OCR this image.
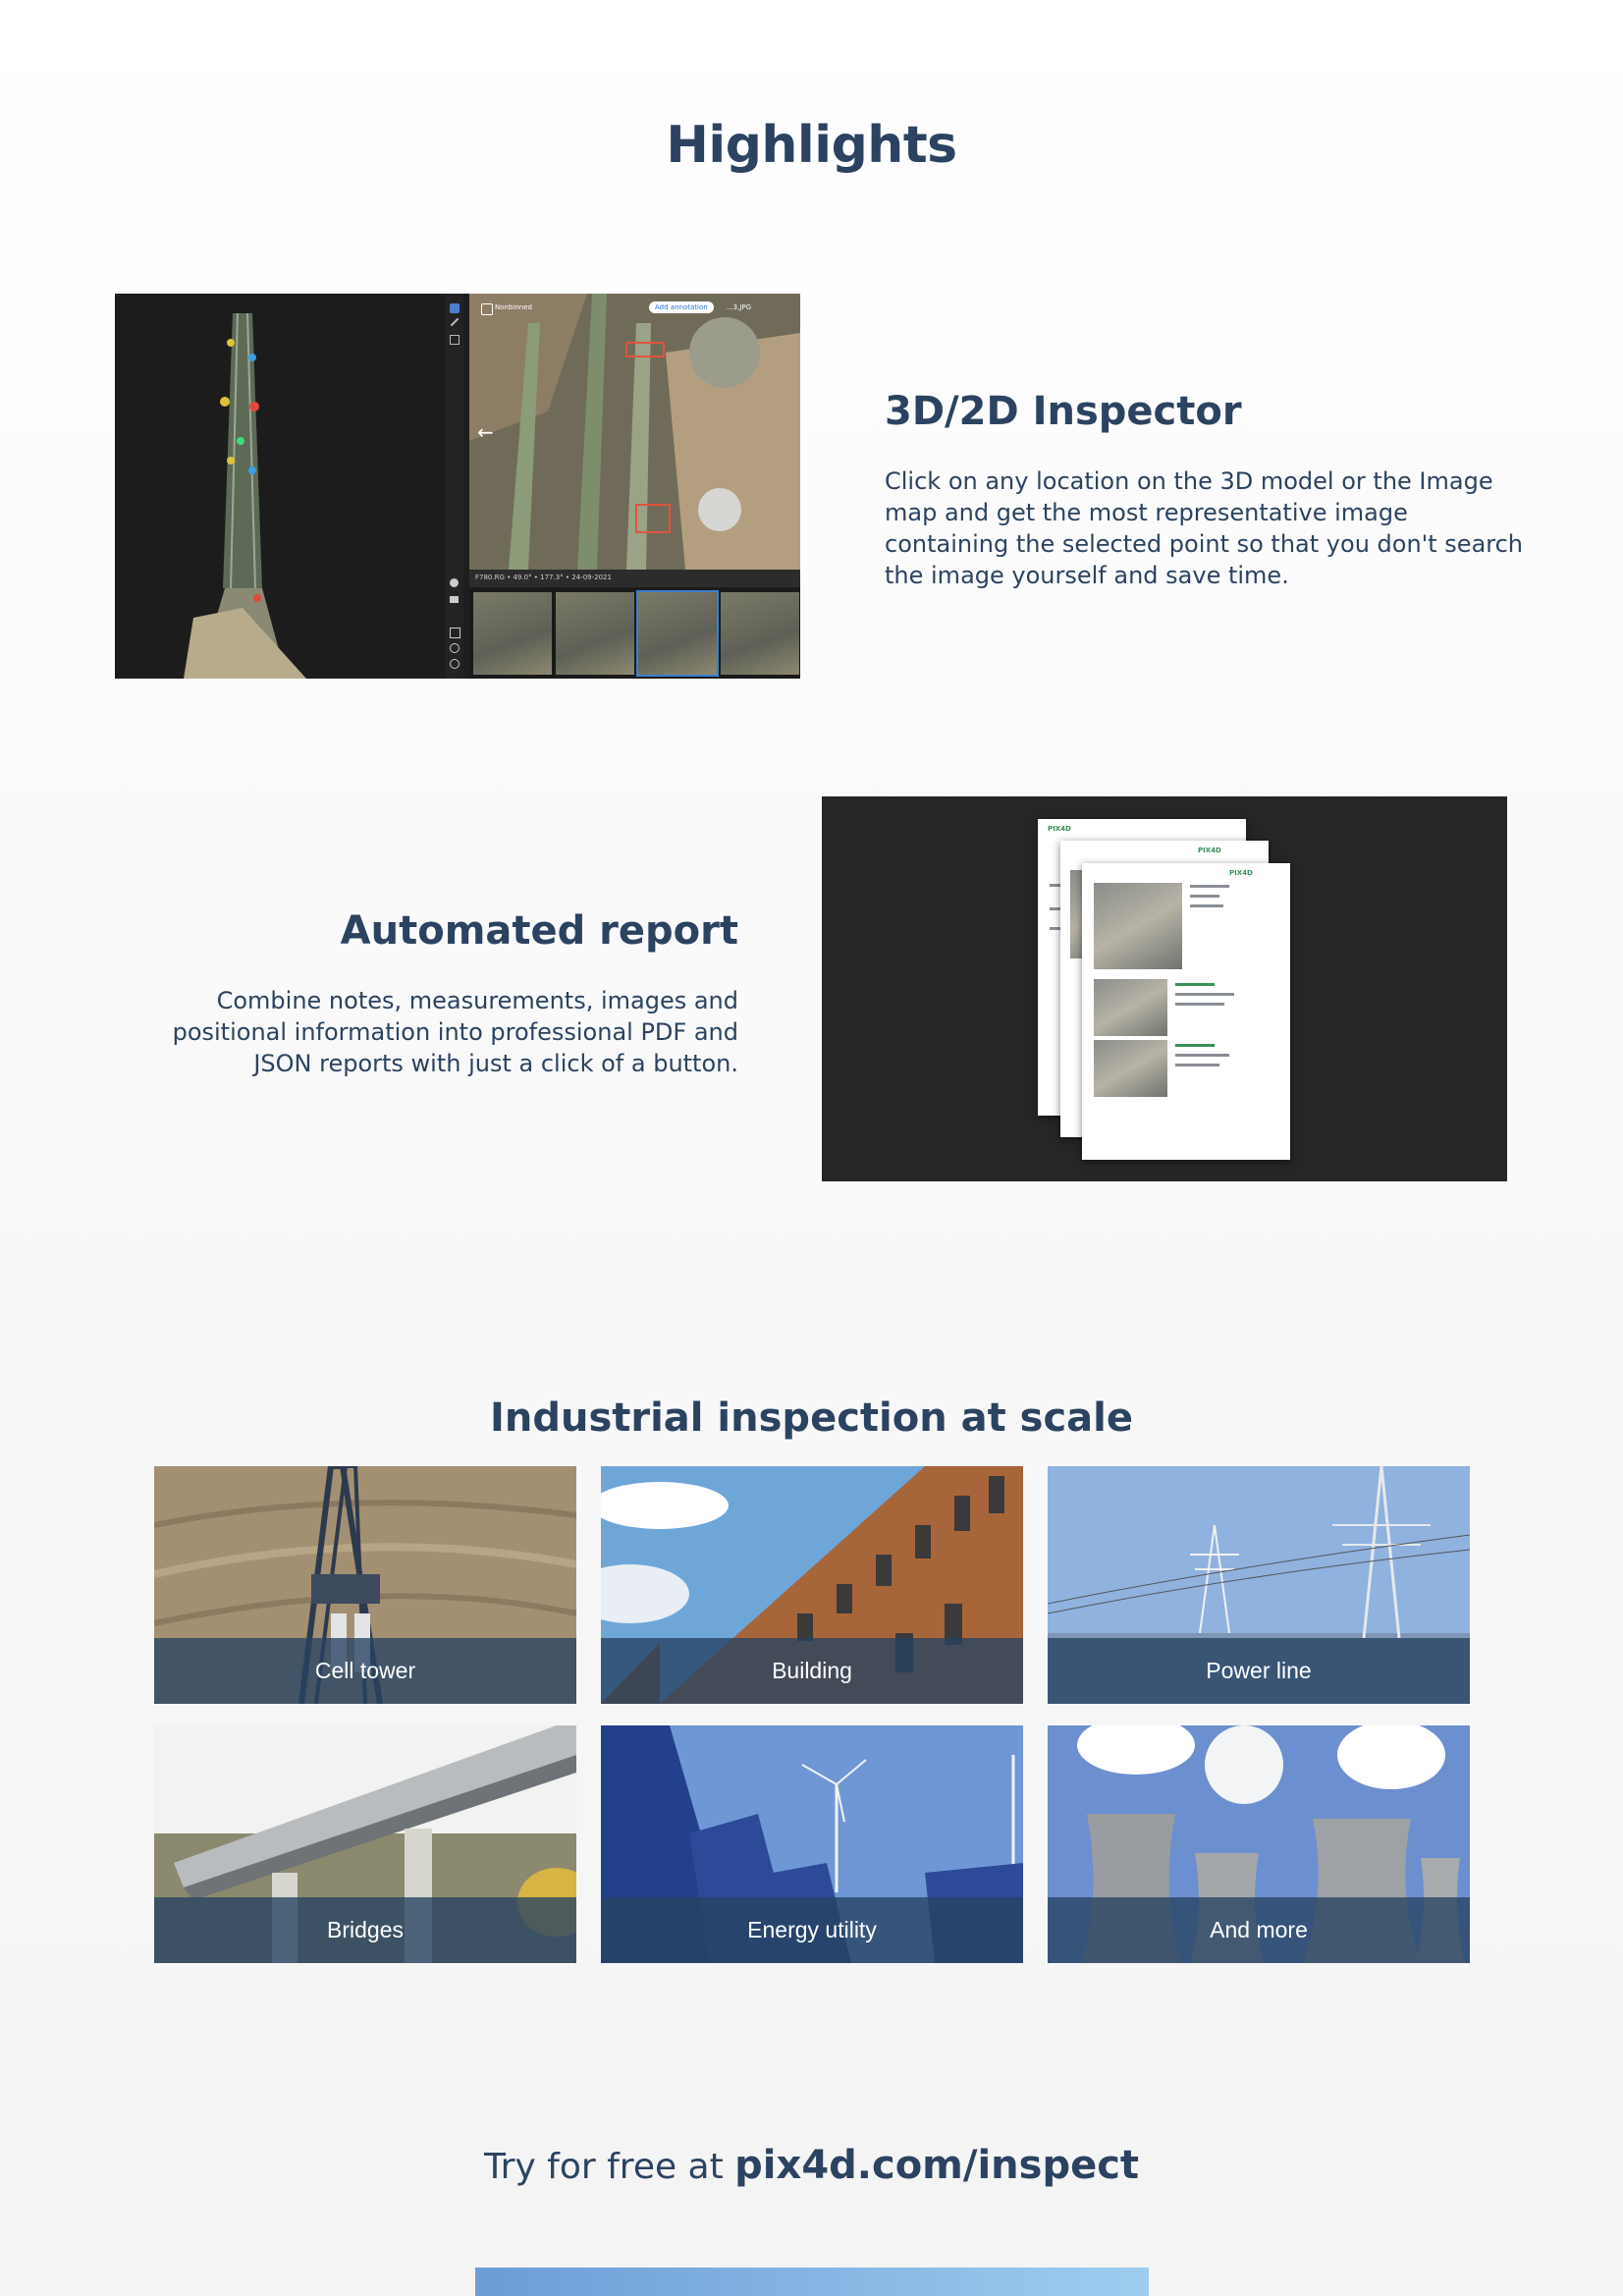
Highlights
←
Nonbinned	Add annotation	...3,JPG
F780.RG • 49.0° • 177.3° • 24-09-2021
3D/2D Inspector

Click on any location on the 3D model or the Image map and get the most representative image containing the selected point so that you don't search the image yourself and save time.

Automated report

Combine notes, measurements, images and positional information into professional PDF and JSON reports with just a click of a button.

PIX4D
PIX4D
PIX4D
Industrial inspection at scale
Cell tower	Building	Power line
Bridges	Energy utility	And more
Try for free at pix4d.com/inspect
